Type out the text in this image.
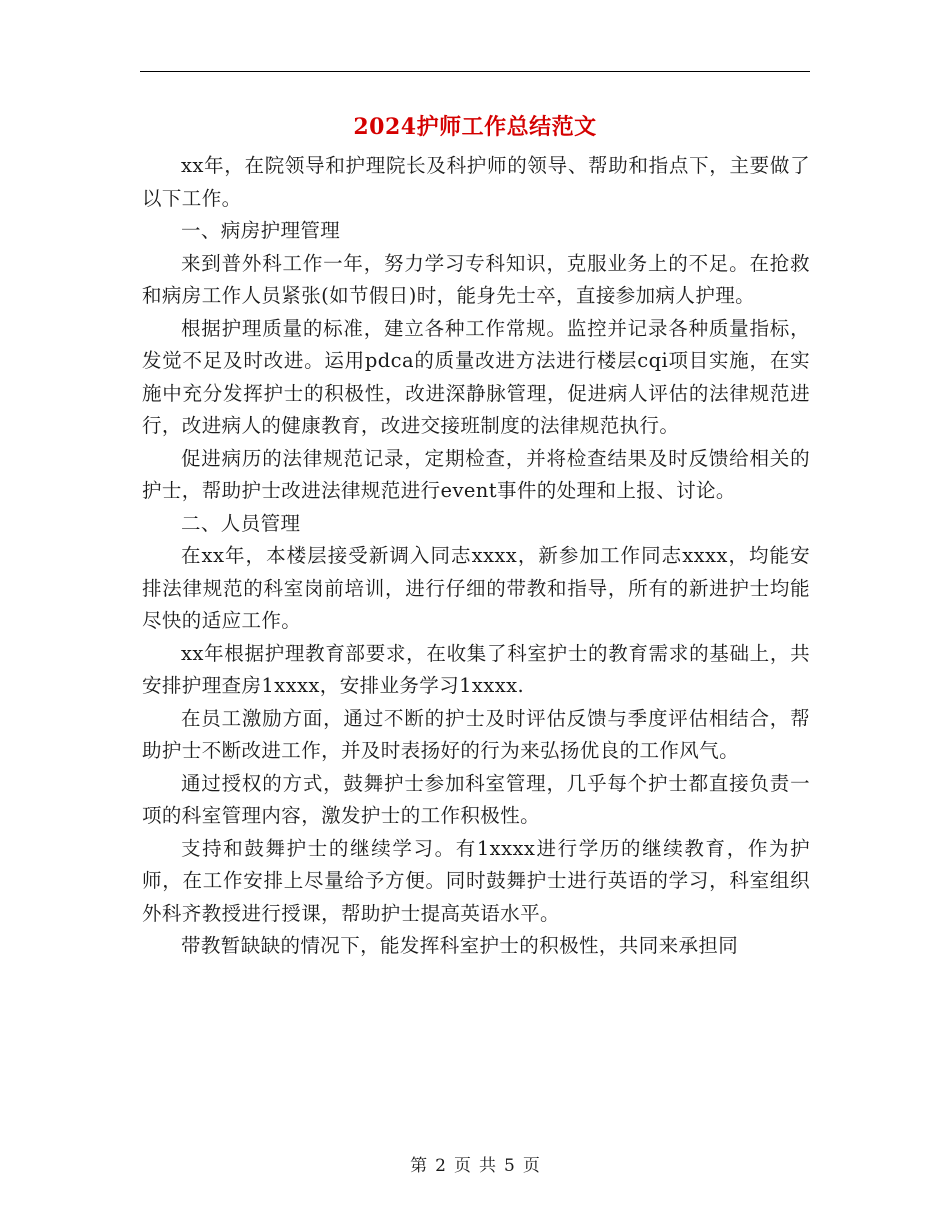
2024护师工作总结范文

xx年，在院领导和护理院长及科护师的领导、帮助和指点下，主要做了以下工作。

一、病房护理管理

来到普外科工作一年，努力学习专科知识，克服业务上的不足。在抢救和病房工作人员紧张(如节假日)时，能身先士卒，直接参加病人护理。

根据护理质量的标准，建立各种工作常规。监控并记录各种质量指标，发觉不足及时改进。运用pdca的质量改进方法进行楼层cqi项目实施，在实施中充分发挥护士的积极性，改进深静脉管理，促进病人评估的法律规范进行，改进病人的健康教育，改进交接班制度的法律规范执行。

促进病历的法律规范记录，定期检查，并将检查结果及时反馈给相关的护士，帮助护士改进法律规范进行event事件的处理和上报、讨论。

二、人员管理

在xx年，本楼层接受新调入同志xxxx，新参加工作同志xxxx，均能安排法律规范的科室岗前培训，进行仔细的带教和指导，所有的新进护士均能尽快的适应工作。

xx年根据护理教育部要求，在收集了科室护士的教育需求的基础上，共安排护理查房1xxxx，安排业务学习1xxxx.

在员工激励方面，通过不断的护士及时评估反馈与季度评估相结合，帮助护士不断改进工作，并及时表扬好的行为来弘扬优良的工作风气。

通过授权的方式，鼓舞护士参加科室管理，几乎每个护士都直接负责一项的科室管理内容，激发护士的工作积极性。

支持和鼓舞护士的继续学习。有1xxxx进行学历的继续教育，作为护师，在工作安排上尽量给予方便。同时鼓舞护士进行英语的学习，科室组织外科齐教授进行授课，帮助护士提高英语水平。

带教暂缺缺的情况下，能发挥科室护士的积极性，共同来承担同

第 2 页 共 5 页
